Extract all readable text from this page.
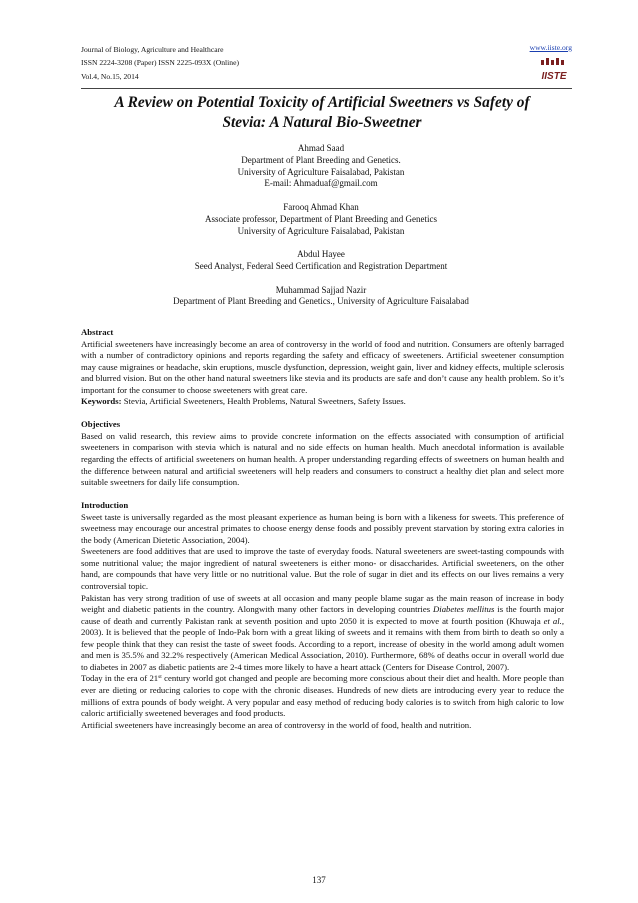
Journal of Biology, Agriculture and Healthcare
ISSN 2224-3208 (Paper) ISSN 2225-093X (Online)
Vol.4, No.15, 2014
www.iiste.org
IISTE
A Review on Potential Toxicity of Artificial Sweetners vs Safety of
Stevia: A Natural Bio-Sweetner
Ahmad Saad
Department of Plant Breeding and Genetics.
University of Agriculture Faisalabad, Pakistan
E-mail: Ahmaduaf@gmail.com
Farooq Ahmad Khan
Associate professor, Department of Plant Breeding and Genetics
University of Agriculture Faisalabad, Pakistan
Abdul Hayee
Seed Analyst, Federal Seed Certification and Registration Department
Muhammad Sajjad Nazir
Department of Plant Breeding and Genetics., University of Agriculture Faisalabad

Abstract

Artificial sweeteners have increasingly become an area of controversy in the world of food and nutrition. Consumers are oftenly barraged with a number of contradictory opinions and reports regarding the safety and efficacy of sweeteners. Artificial sweetener consumption may cause migraines or headache, skin eruptions, muscle dysfunction, depression, weight gain, liver and kidney effects, multiple sclerosis and blurred vision. But on the other hand natural sweetners like stevia and its products are safe and don’t cause any health problem. So it’s important for the consumer to choose sweeteners with great care.

Keywords: Stevia, Artificial Sweeteners, Health Problems, Natural Sweetners, Safety Issues.

Objectives

Based on valid research, this review aims to provide concrete information on the effects associated with consumption of artificial sweeteners in comparison with stevia which is natural and no side effects on human health. Much anecdotal information is available regarding the effects of artificial sweeteners on human health. A proper understanding regarding effects of sweetners on human health and the difference between natural and artificial sweeteners will help readers and consumers to construct a healthy diet plan and select more suitable sweetners for daily life consumption.

Introduction

Sweet taste is universally regarded as the most pleasant experience as human being is born with a likeness for sweets. This preference of sweetness may encourage our ancestral primates to choose energy dense foods and possibly prevent starvation by storing extra calories in the body (American Dietetic Association, 2004).

Sweeteners are food additives that are used to improve the taste of everyday foods. Natural sweeteners are sweet-tasting compounds with some nutritional value; the major ingredient of natural sweeteners is either mono- or disaccharides. Artificial sweeteners, on the other hand, are compounds that have very little or no nutritional value. But the role of sugar in diet and its effects on our lives remains a very controversial topic.

Pakistan has very strong tradition of use of sweets at all occasion and many people blame sugar as the main reason of increase in body weight and diabetic patients in the country. Alongwith many other factors in developing countries Diabetes mellitus is the fourth major cause of death and currently Pakistan rank at seventh position and upto 2050 it is expected to move at fourth position (Khuwaja et al., 2003). It is believed that the people of Indo-Pak born with a great liking of sweets and it remains with them from birth to death so only a few people think that they can resist the taste of sweet foods. According to a report, increase of obesity in the world among adult women and men is 35.5% and 32.2% respectively (American Medical Association, 2010). Furthermore, 68% of deaths occur in overall world due to diabetes in 2007 as diabetic patients are 2-4 times more likely to have a heart attack (Centers for Disease Control, 2007).

Today in the era of 21st century world got changed and people are becoming more conscious about their diet and health. More people than ever are dieting or reducing calories to cope with the chronic diseases. Hundreds of new diets are introducing every year to reduce the millions of extra pounds of body weight. A very popular and easy method of reducing body calories is to switch from high caloric to low caloric artificially sweetened beverages and food products.

Artificial sweeteners have increasingly become an area of controversy in the world of food, health and nutrition.

137
